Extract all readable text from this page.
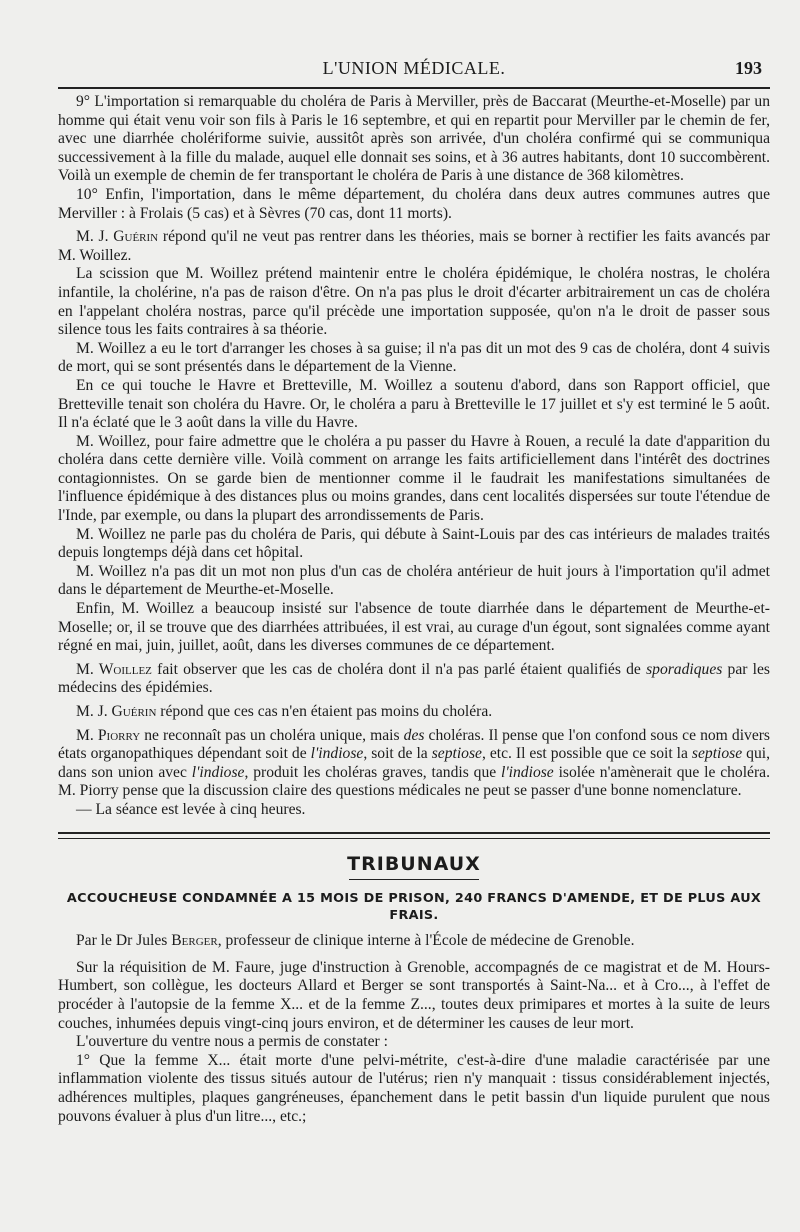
L'UNION MÉDICALE.	193

9° L'importation si remarquable du choléra de Paris à Merviller, près de Baccarat (Meurthe-et-Moselle) par un homme qui était venu voir son fils à Paris le 16 septembre, et qui en repartit pour Merviller par le chemin de fer, avec une diarrhée cholériforme suivie, aussitôt après son arrivée, d'un choléra confirmé qui se communiqua successivement à la fille du malade, auquel elle donnait ses soins, et à 36 autres habitants, dont 10 succombèrent. Voilà un exemple de chemin de fer transportant le choléra de Paris à une distance de 368 kilomètres.

10° Enfin, l'importation, dans le même département, du choléra dans deux autres communes autres que Merviller : à Frolais (5 cas) et à Sèvres (70 cas, dont 11 morts).

M. J. Guérin répond qu'il ne veut pas rentrer dans les théories, mais se borner à rectifier les faits avancés par M. Woillez.

La scission que M. Woillez prétend maintenir entre le choléra épidémique, le choléra nostras, le choléra infantile, la cholérine, n'a pas de raison d'être. On n'a pas plus le droit d'écarter arbitrairement un cas de choléra en l'appelant choléra nostras, parce qu'il précède une importation supposée, qu'on n'a le droit de passer sous silence tous les faits contraires à sa théorie.

M. Woillez a eu le tort d'arranger les choses à sa guise; il n'a pas dit un mot des 9 cas de choléra, dont 4 suivis de mort, qui se sont présentés dans le département de la Vienne.

En ce qui touche le Havre et Bretteville, M. Woillez a soutenu d'abord, dans son Rapport officiel, que Bretteville tenait son choléra du Havre. Or, le choléra a paru à Bretteville le 17 juillet et s'y est terminé le 5 août. Il n'a éclaté que le 3 août dans la ville du Havre.

M. Woillez, pour faire admettre que le choléra a pu passer du Havre à Rouen, a reculé la date d'apparition du choléra dans cette dernière ville. Voilà comment on arrange les faits artificiellement dans l'intérêt des doctrines contagionnistes. On se garde bien de mentionner comme il le faudrait les manifestations simultanées de l'influence épidémique à des distances plus ou moins grandes, dans cent localités dispersées sur toute l'étendue de l'Inde, par exemple, ou dans la plupart des arrondissements de Paris.

M. Woillez ne parle pas du choléra de Paris, qui débute à Saint-Louis par des cas intérieurs de malades traités depuis longtemps déjà dans cet hôpital.

M. Woillez n'a pas dit un mot non plus d'un cas de choléra antérieur de huit jours à l'importation qu'il admet dans le département de Meurthe-et-Moselle.

Enfin, M. Woillez a beaucoup insisté sur l'absence de toute diarrhée dans le département de Meurthe-et-Moselle; or, il se trouve que des diarrhées attribuées, il est vrai, au curage d'un égout, sont signalées comme ayant régné en mai, juin, juillet, août, dans les diverses communes de ce département.

M. Woillez fait observer que les cas de choléra dont il n'a pas parlé étaient qualifiés de sporadiques par les médecins des épidémies.

M. J. Guérin répond que ces cas n'en étaient pas moins du choléra.

M. Piorry ne reconnaît pas un choléra unique, mais des choléras. Il pense que l'on confond sous ce nom divers états organopathiques dépendant soit de l'indiose, soit de la septiose, etc. Il est possible que ce soit la septiose qui, dans son union avec l'indiose, produit les choléras graves, tandis que l'indiose isolée n'amènerait que le choléra. M. Piorry pense que la discussion claire des questions médicales ne peut se passer d'une bonne nomenclature.

— La séance est levée à cinq heures.

TRIBUNAUX
ACCOUCHEUSE CONDAMNÉE A 15 MOIS DE PRISON, 240 FRANCS D'AMENDE, ET DE PLUS AUX FRAIS.

Par le Dr Jules Berger, professeur de clinique interne à l'École de médecine de Grenoble.

Sur la réquisition de M. Faure, juge d'instruction à Grenoble, accompagnés de ce magistrat et de M. Hours-Humbert, son collègue, les docteurs Allard et Berger se sont transportés à Saint-Na... et à Cro..., à l'effet de procéder à l'autopsie de la femme X... et de la femme Z..., toutes deux primipares et mortes à la suite de leurs couches, inhumées depuis vingt-cinq jours environ, et de déterminer les causes de leur mort.

L'ouverture du ventre nous a permis de constater :

1° Que la femme X... était morte d'une pelvi-métrite, c'est-à-dire d'une maladie caractérisée par une inflammation violente des tissus situés autour de l'utérus; rien n'y manquait : tissus considérablement injectés, adhérences multiples, plaques gangréneuses, épanchement dans le petit bassin d'un liquide purulent que nous pouvons évaluer à plus d'un litre..., etc.;
